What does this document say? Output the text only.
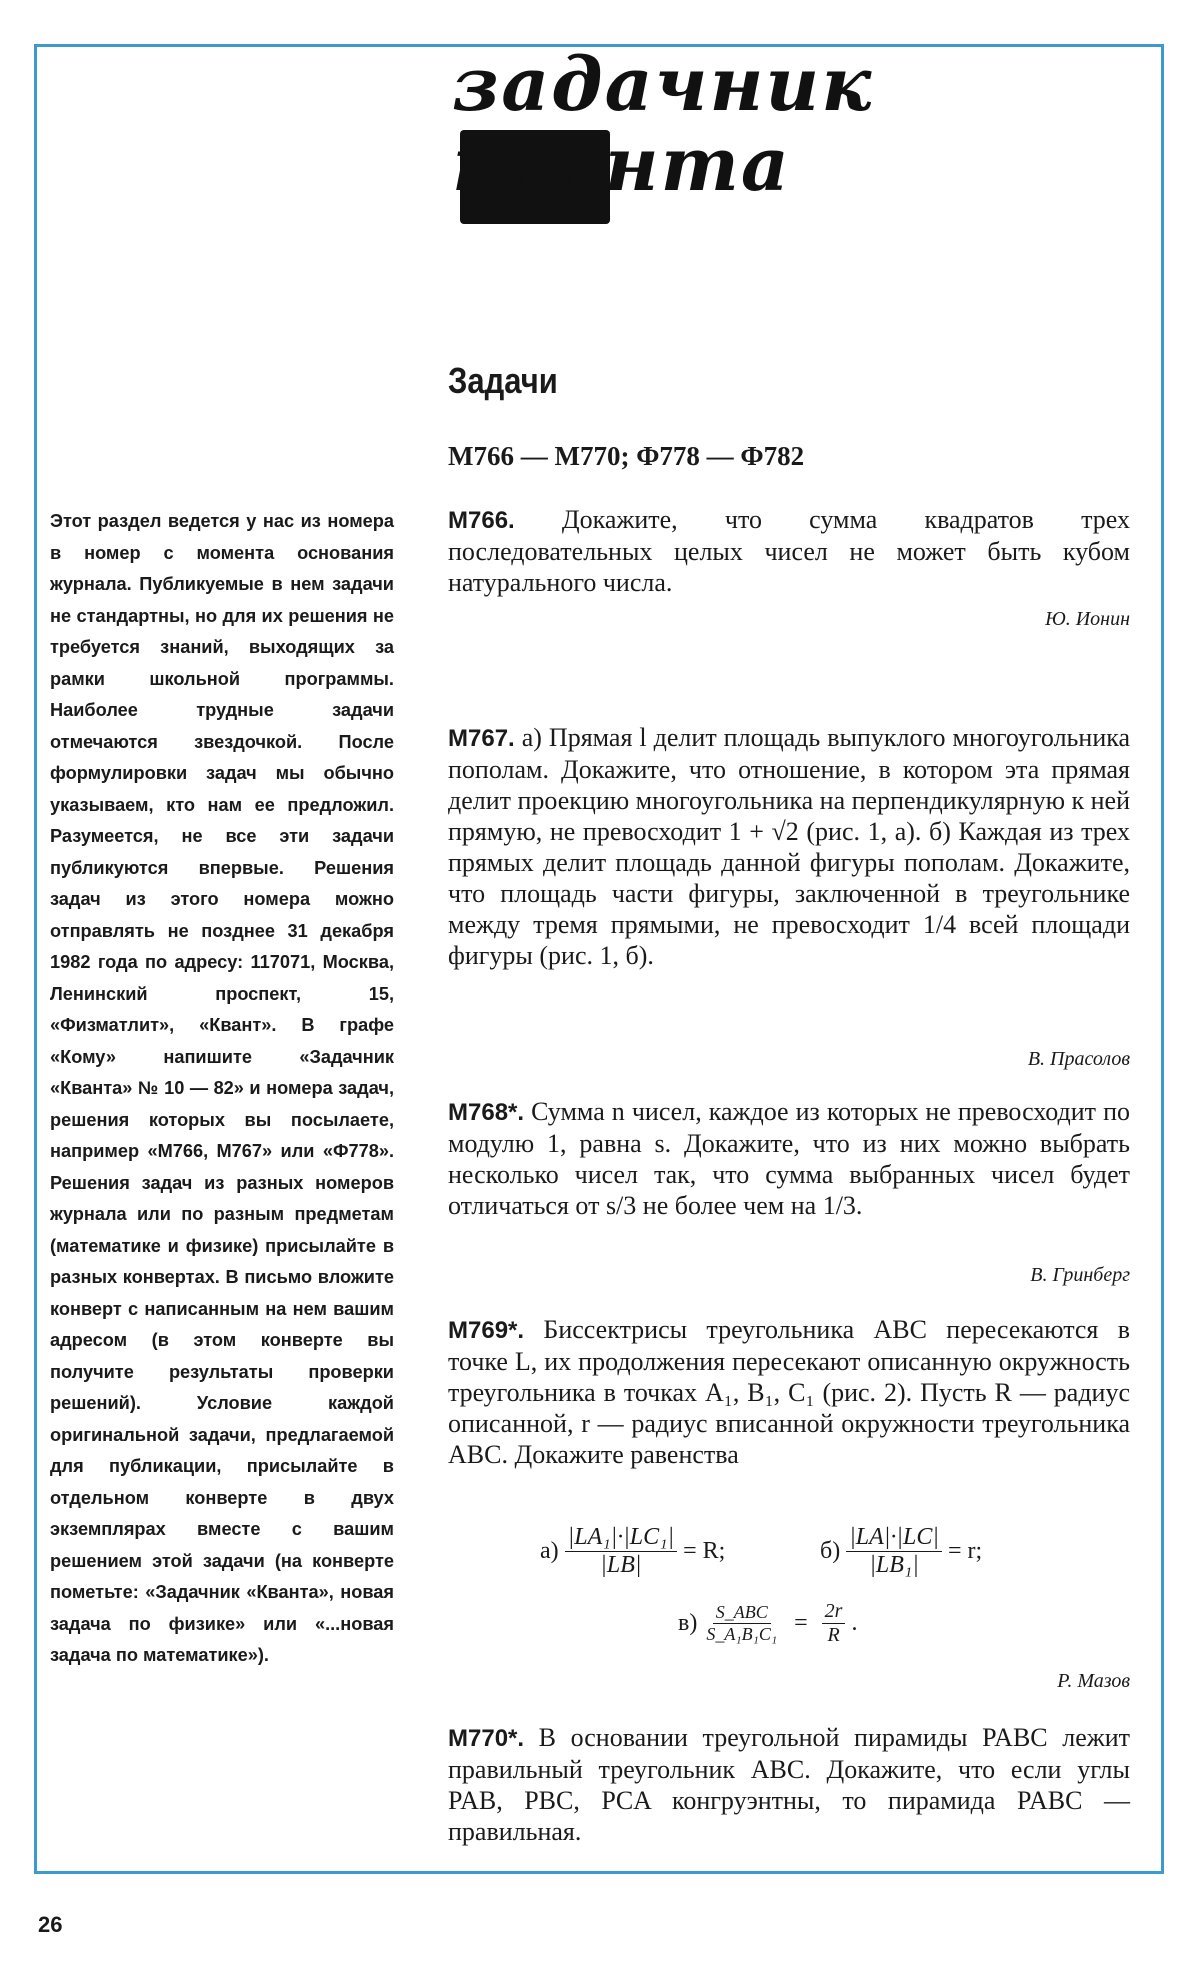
задачник
кванта
Задачи
М766 — М770; Ф778 — Ф782
Этот раздел ведется у нас из номера в номер с момента основания журнала. Публикуемые в нем задачи не стандартны, но для их решения не требуется знаний, выходящих за рамки школьной программы. Наиболее трудные задачи отмечаются звездочкой. После формулировки задач мы обычно указываем, кто нам ее предложил. Разумеется, не все эти задачи публикуются впервые. Решения задач из этого номера можно отправлять не позднее 31 декабря 1982 года по адресу: 117071, Москва, Ленинский проспект, 15, «Физматлит», «Квант». В графе «Кому» напишите «Задачник «Кванта» № 10 — 82» и номера задач, решения которых вы посылаете, например «М766, М767» или «Ф778». Решения задач из разных номеров журнала или по разным предметам (математике и физике) присылайте в разных конвертах. В письмо вложите конверт с написанным на нем вашим адресом (в этом конверте вы получите результаты проверки решений). Условие каждой оригинальной задачи, предлагаемой для публикации, присылайте в отдельном конверте в двух экземплярах вместе с вашим решением этой задачи (на конверте пометьте: «Задачник «Кванта», новая задача по физике» или «...новая задача по математике»).
М766. Докажите, что сумма квадратов трех последовательных целых чисел не может быть кубом натурального числа.
Ю. Ионин
М767. а) Прямая l делит площадь выпуклого многоугольника пополам. Докажите, что отношение, в котором эта прямая делит проекцию многоугольника на перпендикулярную к ней прямую, не превосходит 1 + √2 (рис. 1, а). б) Каждая из трех прямых делит площадь данной фигуры пополам. Докажите, что площадь части фигуры, заключенной в треугольнике между тремя прямыми, не превосходит 1/4 всей площади фигуры (рис. 1, б).
В. Прасолов
М768*. Сумма n чисел, каждое из которых не превосходит по модулю 1, равна s. Докажите, что из них можно выбрать несколько чисел так, что сумма выбранных чисел будет отличаться от s/3 не более чем на 1/3.
В. Гринберг
М769*. Биссектрисы треугольника ABC пересекаются в точке L, их продолжения пересекают описанную окружность треугольника в точках A₁, B₁, C₁ (рис. 2). Пусть R — радиус описанной, r — радиус вписанной окружности треугольника ABC. Докажите равенства
$а) \frac{\text{|LA₁|·|LC₁|}}{|LB|} = R$;	$б) \frac{|LA|\cdot|LC|}{\text{|LB₁|}} = r$;
$в) \frac{\text{S\_ABC}}{\text{S\_A₁B₁C₁}} = \frac{2r}{R}$ .
Р. Мазов
М770*. В основании треугольной пирамиды PABC лежит правильный треугольник ABC. Докажите, что если углы PAB, PBC, PCA конгруэнтны, то пирамида PABC — правильная.
26
